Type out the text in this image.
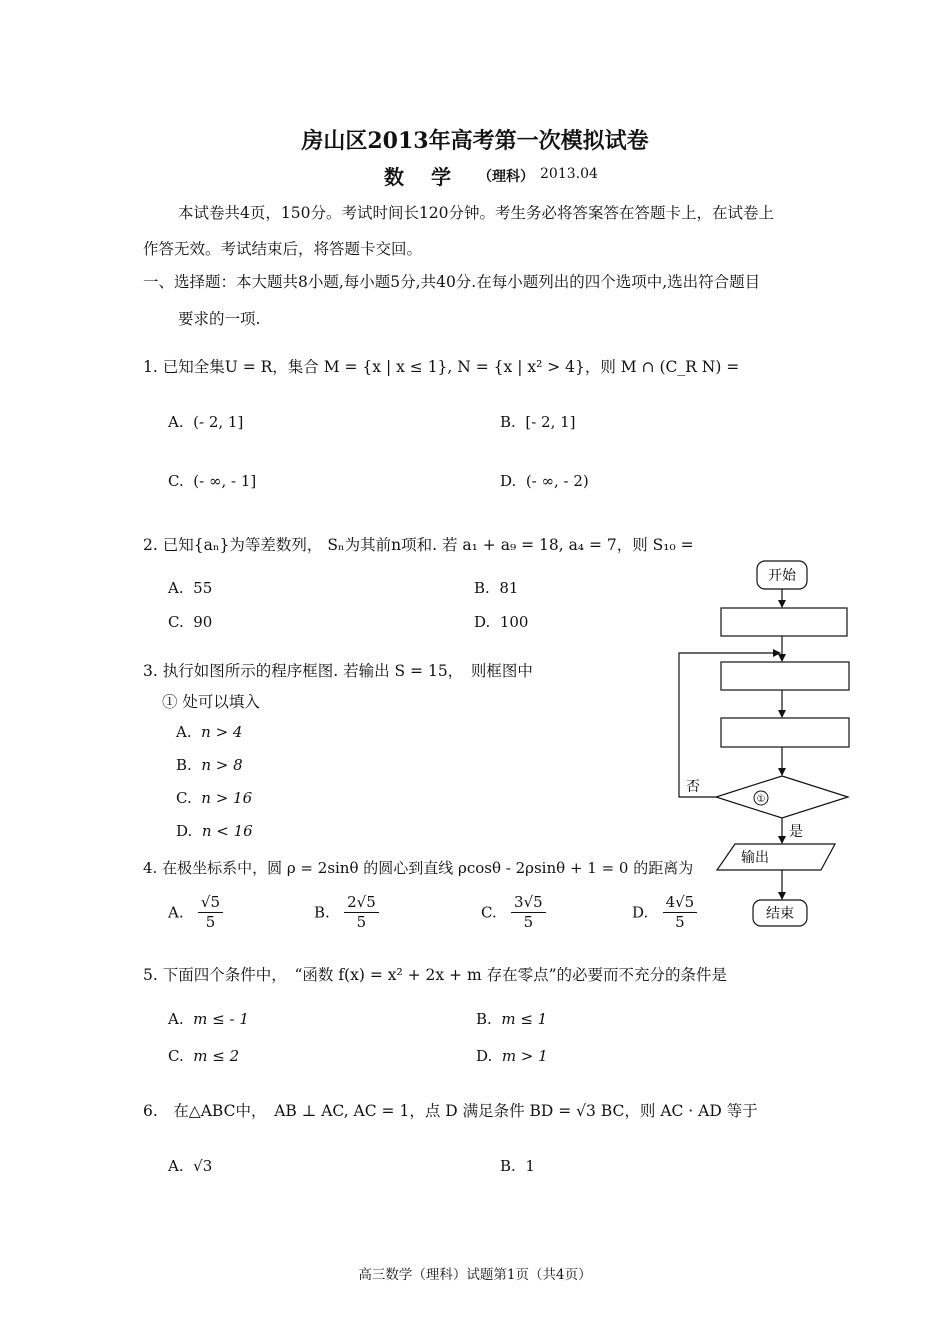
房山区2013年高考第一次模拟试卷
数　 学 （理科） 2013.04
本试卷共4页，150分。考试时间长120分钟。考生务必将答案答在答题卡上，在试卷上
作答无效。考试结束后，将答题卡交回。
一、选择题：本大题共8小题,每小题5分,共40分.在每小题列出的四个选项中,选出符合题目
要求的一项.
1. 已知全集U = R，集合 M = {x | x ≤ 1}, N = {x | x² > 4}，则 M ∩ (C_R N) =
A. (- 2, 1]	B. [- 2, 1]
C. (- ∞, - 1]	D. (- ∞, - 2)
2. 已知{aₙ}为等差数列， Sₙ为其前n项和. 若 a₁ + a₉ = 18, a₄ = 7，则 S₁₀ =
A. 55	B. 81
C. 90	D. 100
3. 执行如图所示的程序框图. 若输出 S = 15，　则框图中
① 处可以填入
A. n > 4
B. n > 8
C. n > 16
D. n < 16
4. 在极坐标系中，圆 ρ = 2sinθ 的圆心到直线 ρcosθ - 2ρsinθ + 1 = 0 的距离为
A. $\frac{√5}{5}$	B. $\frac{2√5}{5}$	C. $\frac{3√5}{5}$	D. $\frac{4√5}{5}$
5. 下面四个条件中，　“函数 f(x) = x² + 2x + m 存在零点”的必要而不充分的条件是
A. m ≤ - 1	B. m ≤ 1
C. m ≤ 2	D. m > 1
6.　在△ABC中，　AB ⊥ AC, AC = 1，点 D 满足条件 BD = √3 BC，则 AC · AD 等于
A. √3	B. 1
开始
①
否
是
输出
结束
高三数学（理科）试题第1页（共4页）
